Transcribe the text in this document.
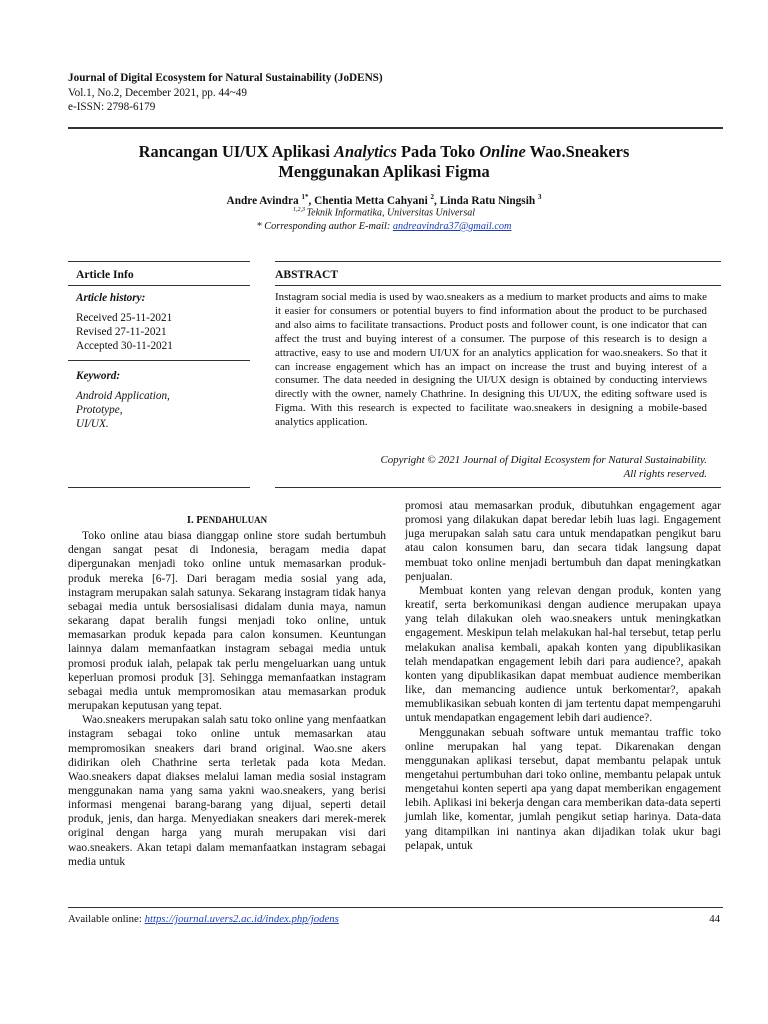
Journal of Digital Ecosystem for Natural Sustainability (JoDENS)
Vol.1, No.2, December 2021, pp. 44~49
e-ISSN: 2798-6179
Rancangan UI/UX Aplikasi Analytics Pada Toko Online Wao.Sneakers
Menggunakan Aplikasi Figma
Andre Avindra $^{1*}$, Chentia Metta Cahyani $^2$, Linda Ratu Ningsih $^3$
$^{1,2,3}$ Teknik Informatika, Universitas Universal
* Corresponding author E-mail: andreavindra37@gmail.com
Article Info	ABSTRACT
Article history:
Received 25-11-2021
Revised 27-11-2021
Accepted 30-11-2021
Keyword:
Android Application,
Prototype,
UI/UX.
Instagram social media is used by wao.sneakers as a medium to market products and aims to make it easier for consumers or potential buyers to find information about the product to be purchased and also aims to facilitate transactions. Product posts and follower count, is one indicator that can affect the trust and buying interest of a consumer. The purpose of this research is to design a attractive, easy to use and modern UI/UX for an analytics application for wao.sneakers. So that it can increase engagement which has an impact on increase the trust and buying interest of a consumer. The data needed in designing the UI/UX design is obtained by conducting interviews directly with the owner, namely Chathrine. In designing this UI/UX, the editing software used is Figma. With this research is expected to facilitate wao.sneakers in designing a mobile-based analytics application.
Copyright © 2021 Journal of Digital Ecosystem for Natural Sustainability.
All rights reserved.
I. PENDAHULUAN

Toko online atau biasa dianggap online store sudah bertumbuh dengan sangat pesat di Indonesia, beragam media dapat dipergunakan menjadi toko online untuk memasarkan produk-produk mereka [6-7]. Dari beragam media sosial yang ada, instagram merupakan salah satunya. Sekarang instagram tidak hanya sebagai media untuk bersosialisasi didalam dunia maya, namun sekarang dapat beralih fungsi menjadi toko online, untuk memasarkan produk kepada para calon konsumen. Keuntungan lainnya dalam memanfaatkan instagram sebagai media untuk promosi produk ialah, pelapak tak perlu mengeluarkan uang untuk keperluan promosi produk [3]. Sehingga memanfaatkan instagram sebagai media untuk mempromosikan atau memasarkan produk merupakan keputusan yang tepat.

Wao.sneakers merupakan salah satu toko online yang menfaatkan instagram sebagai toko online untuk memasarkan atau mempromosikan sneakers dari brand original. Wao.sne akers didirikan oleh Chathrine serta terletak pada kota Medan. Wao.sneakers dapat diakses melalui laman media sosial instagram menggunakan nama yang sama yakni wao.sneakers, yang berisi informasi mengenai barang-barang yang dijual, seperti detail produk, jenis, dan harga. Menyediakan sneakers dari merek-merek original dengan harga yang murah merupakan visi dari wao.sneakers. Akan tetapi dalam memanfaatkan instagram sebagai media untuk

promosi atau memasarkan produk, dibutuhkan engagement agar promosi yang dilakukan dapat beredar lebih luas lagi. Engagement juga merupakan salah satu cara untuk mendapatkan pengikut baru atau calon konsumen baru, dan secara tidak langsung dapat membuat toko online menjadi bertumbuh dan dapat meningkatkan penjualan.

Membuat konten yang relevan dengan produk, konten yang kreatif, serta berkomunikasi dengan audience merupakan upaya yang telah dilakukan oleh wao.sneakers untuk meningkatkan engagement. Meskipun telah melakukan hal-hal tersebut, tetap perlu melakukan analisa kembali, apakah konten yang dipublikasikan telah mendapatkan engagement lebih dari para audience?, apakah konten yang dipublikasikan dapat membuat audience memberikan like, dan memancing audience untuk berkomentar?, apakah memublikasikan sebuah konten di jam tertentu dapat mempengaruhi untuk mendapatkan engagement lebih dari audience?.

Menggunakan sebuah software untuk memantau traffic toko online merupakan hal yang tepat. Dikarenakan dengan menggunakan aplikasi tersebut, dapat membantu pelapak untuk mengetahui pertumbuhan dari toko online, membantu pelapak untuk mengetahui konten seperti apa yang dapat memberikan engagement lebih. Aplikasi ini bekerja dengan cara memberikan data-data seperti jumlah like, komentar, jumlah pengikut setiap harinya. Data-data yang ditampilkan ini nantinya akan dijadikan tolak ukur bagi pelapak, untuk

Available online: https://journal.uvers2.ac.id/index.php/jodens	44
